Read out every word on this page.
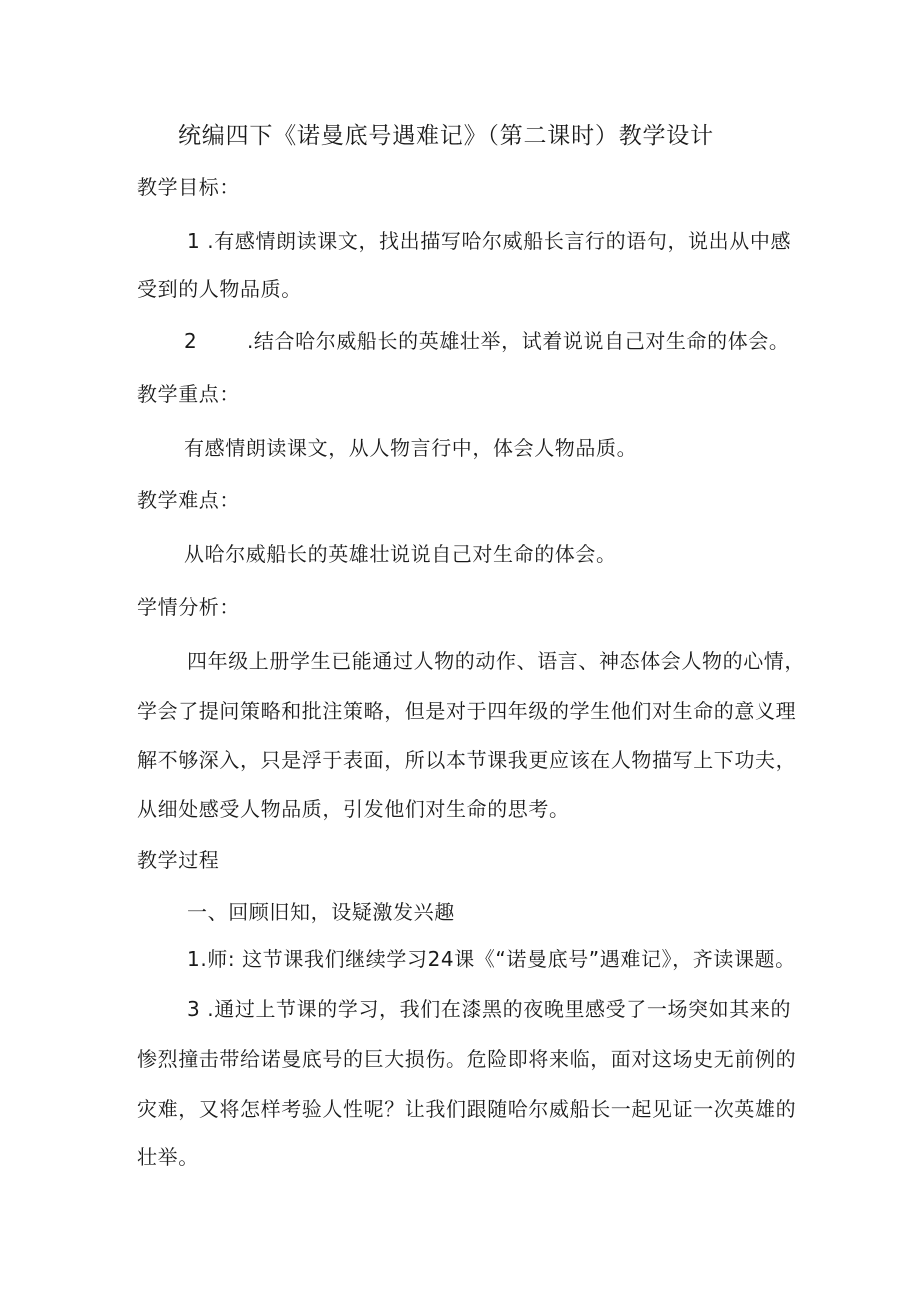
统编四下《诺曼底号遇难记》（第二课时）教学设计
教学目标：
1 .有感情朗读课文，找出描写哈尔威船长言行的语句，说出从中感
受到的人物品质。
2 .结合哈尔威船长的英雄壮举，试着说说自己对生命的体会。
教学重点：
有感情朗读课文，从人物言行中，体会人物品质。
教学难点：
从哈尔威船长的英雄壮说说自己对生命的体会。
学情分析：
四年级上册学生已能通过人物的动作、语言、神态体会人物的心情，
学会了提问策略和批注策略，但是对于四年级的学生他们对生命的意义理
解不够深入，只是浮于表面，所以本节课我更应该在人物描写上下功夫，
从细处感受人物品质，引发他们对生命的思考。
教学过程
一、回顾旧知，设疑激发兴趣
1.师: 这节课我们继续学习24课《“诺曼底号”遇难记》，齐读课题。
3 .通过上节课的学习，我们在漆黑的夜晚里感受了一场突如其来的
惨烈撞击带给诺曼底号的巨大损伤。危险即将来临，面对这场史无前例的
灾难，又将怎样考验人性呢？让我们跟随哈尔威船长一起见证一次英雄的
壮举。
